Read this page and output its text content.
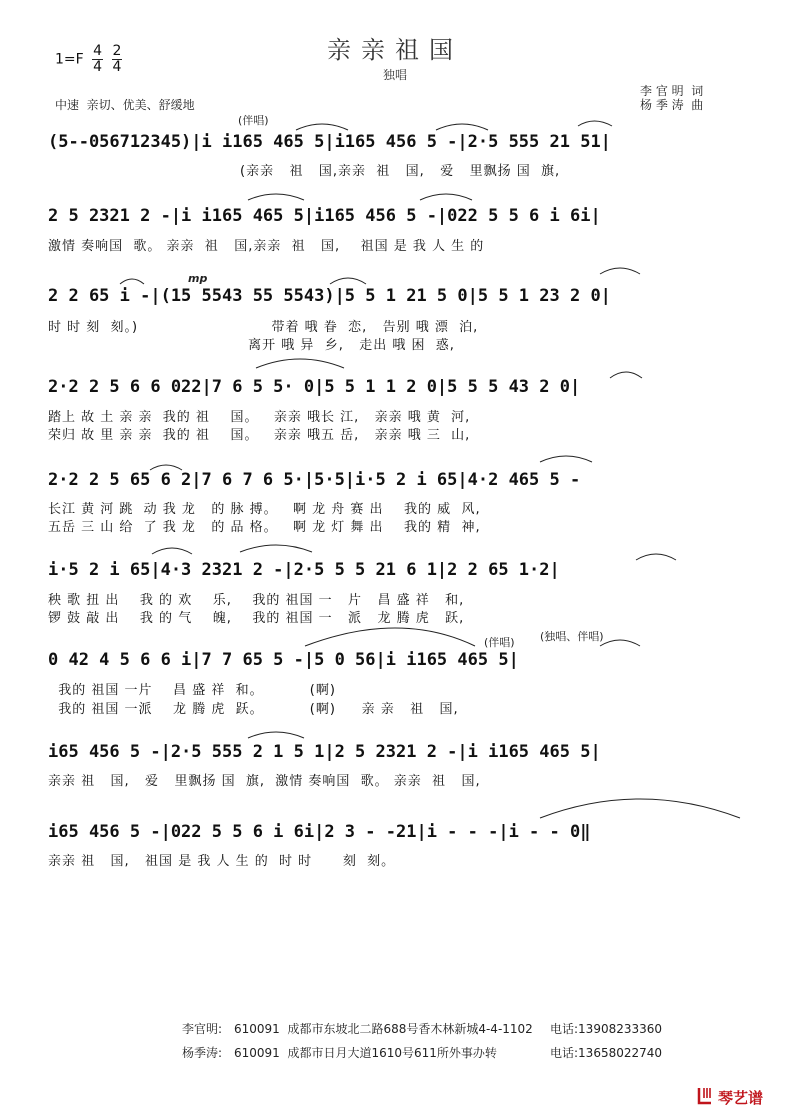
亲亲祖国
独唱
$1=F \frac{4}{4}$
$\frac{2}{4}$
中速  亲切、优美、舒缓地
李 官 明  词
杨 季 涛  曲
(伴唱)
(5--056712345)|i i165 465 5|i165 456 5 -|2·5 555 21 51|
(亲亲   祖   国,亲亲  祖   国,   爱   里飘扬 国  旗,
2 5 2321 2 -|i i165 465 5|i165 456 5 -|022 5 5 6 i 6i|
激情 奏响国  歌。 亲亲  祖   国,亲亲  祖   国,    祖国 是 我 人 生 的
mp
2 2 65 i -|(15 5543 55 5543)|5 5 1 21 5 0|5 5 1 23 2 0|
时 时 刻  刻。)                          带着 哦 眷  恋,   告别 哦 漂  泊,
离开 哦 异  乡,   走出 哦 困  惑,
2·2 2 5 6 6 022|7 6 5 5· 0|5 5 1 1 2 0|5 5 5 43 2 0|
踏上 故 土 亲 亲  我的 祖    国。   亲亲 哦长 江,   亲亲 哦 黄  河,
荣归 故 里 亲 亲  我的 祖    国。   亲亲 哦五 岳,   亲亲 哦 三  山,
2·2 2 5 65 6 2|7 6 7 6 5·|5·5|i·5 2 i 65|4·2 465 5 -
长江 黄 河 跳  动 我 龙   的 脉 搏。   啊 龙 舟 赛 出    我的 威  风,
五岳 三 山 给  了 我 龙   的 品 格。   啊 龙 灯 舞 出    我的 精  神,
i·5 2 i 65|4·3 2321 2 -|2·5 5 5 21 6 1|2 2 65 1·2|
秧 歌 扭 出    我 的 欢    乐,    我的 祖国 一   片   昌 盛 祥   和,
锣 鼓 敲 出    我 的 气    魄,    我的 祖国 一   派   龙 腾 虎   跃,
(伴唱) (独唱、伴唱)
0 42 4 5 6 6 i|7 7 65 5 -|5 0 56|i i165 465 5|
我的 祖国 一片    昌 盛 祥  和。         (啊)
我的 祖国 一派    龙 腾 虎  跃。         (啊)     亲 亲   祖   国,
i65 456 5 -|2·5 555 2 1 5 1|2 5 2321 2 -|i i165 465 5|
亲亲 祖   国,   爱   里飘扬 国  旗,  激情 奏响国  歌。 亲亲  祖   国,
i65 456 5 -|022 5 5 6 i 6i|2 3 - -21|i - - -|i - - 0‖
亲亲 祖   国,   祖国 是 我 人 生 的  时 时      刻  刻。
李官明: 610091  成都市东坡北二路688号香木林新城4-4-1102 电话:13908233360
杨季涛: 610091  成都市日月大道1610号611所外事办转	电话:13658022740
琴艺谱
